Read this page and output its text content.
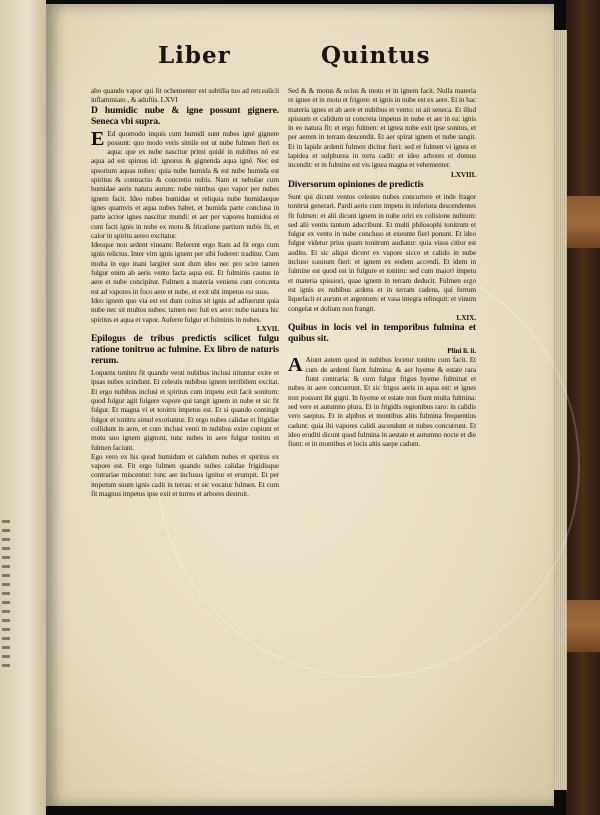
Liber	Quintus

abo quando vapor qui fit ochementer est subtilia tuo ad retr.ealicii inflammiato , & aduftis. LXVI

D humidic nube & igne possunt gignere. Seneca vbi supra.

E Ed quomodo inquis cum humidi sunt nubes igné gignere possunt: quo modo veris simile est ut nube fulmen fieri ex aqua: que ex nube nascitur primi quidé in nubibus nó est aqua ad est spirsus id: ignorus & gignenda aqua igné. Nec est spsorium aquas nubes: quia nube humida & est nube humida est spiritus & contractio & concretio nubis. Nam et nebulae cum humidae aeris natura aurum: nube nimbus quo vapor per nubes ignem facit. Ideo nubes humidae et reliquia nube humidaeque ignes quamvis et aqua nubes habet, et humida parte conclusa in parte acrior ignes nascitur mundi: et aer per vapores humidos et cunt facti ignis in nube ex motu & fricatione partium nubis fit, et calor in spiritu aereo excitatur.

Ideoque non ardent vineam: Referent ergo Itam ad fit ergo cum ignis relictus. Inter vim ignis ignem per sibi foderet: traditur. Cum multa in ego inani largiter sunt dum ideo nec pro scire tamen fulgur enim ab aeris vento facta aqua est. Et fulminis cautus in aere et nube concipitur. Fulmen a materia veniens cum concreta est ad vapores in foco aere et nube, et exit ubi impetus est suus.

Ideo ignem quo via est est dum coitus sit ignis ad adfuerunt quia nube nec sit multos nubes: tamen nec fuit ex aere: nube natura hic spiritus et aqua et vapor. Auferre fulgur et fulminis in nubes.

LXVII.

Epilogus de tribus predictis scilicet fulgu ratione tonitruo ac fulmine. Ex libro de naturis rerum.

Loquens tonitru fit quando venti nubibus inclusi nituntur exire et ipsas nubes scindunt. Et celestis nubibus ignem terribilem excitat. Et ergo nubibus inclusi et spiritus cum impetu exit facit sonitum: quod fulgur agit fulgere vapore qui tangit ignem in nube et sic fit fulgur. Et magna vi et tonitru impetus est. Et si quando contingit fulgor et tonitru simul exoriuntur. Et ergo nubes calidae et frigidae collidunt in aere, et cum inclusi venti in nubibus exire cupiunt et motu suo ignem gignunt, tunc nubes in aere fulgur tonitru et fulmen faciunt.

Ego vero ex his quod humidum et calidum nubes et spiritus ex vapore est. Fit ergo fulmen quando nubes calidae frigidisque contrariae miscentur: tunc aer inclusus ignitur et erumpit. Et per impetum suum ignis cadit in terras: et sic vocatur fulmen. Et cum fit magnus impetus ipse exit et turres et arbores destruit.

Sed & & motus & ocius & motu et in ignem facit. Nulla materia re ignee et in motu et frigore: et ignis in nube est ex aere. Et in hac materia ignes et ab aere et nubibus et vento: ut ait seneca. Et illud spissum et calidum ut concreta impetus in nube et aer in ea: ignis in eo natura fit: et ergo fulmen: et ignea nube exit ipse sonitus, et per aerem in terram descendit. Et aer spirat ignem et nube tangit. Et in lapide ardenti fulmen dicitur fieri: sed et fulmen vi ignea et lapidea et sulphurea in terra cadit: et ideo arbores et domus incendit: et in fulmine est vis ignea magna et vehementer.

LXVIII.

Diversorum opiniones de predictis

Sunt qui dicunt ventos celestes nubes concurrere et inde fragor tonitrui generari. Pardi aeris cum impetu in inferiora descendentes fit fulmen: et alii dicunt ignem in nube oriri ex colisione nubium: sed alii ventis tantum adscribunt. Et multi philosophi tonitrum et fulgur ex vento in nube concluso et exeunte fieri ponunt. Et ideo fulgur videtur prius quam tonitrum audiatur: quia visus citior est auditu. Et sic aliqui dicunt ex vapore sicco et calido in nube incluso sonitum fieri: et ignem ex eodem accendi. Et idem in fulmine est quod est in fulgure et tonitru: sed cum maiori impetu et materia spissiori, quae ignem in terram deducit. Fulmen ergo est ignis ex nubibus ardens et in terram cadens, qui ferrum liquefacit et aurum et argentum: et vasa integra relinquit: et vinum congelat et dolium non frangit.

LXIX.

Quibus in locis vel in temporibus fulmina et quibus sit.

Plini li. ii.

A Aiunt autem quod in nubibus locetur tonitru cum facit. Et cum de ardenti fiunt fulmina: & aer hyeme & estate rara fiunt contraria: & cum fulgur frigus hyeme fulminat et nubes in aere concurrunt. Et sic frigus aeris in aqua est: et ignes non possunt ibi gigni. In hyeme et estate non fiunt multa fulmina: sed vere et autumno plura. Et in frigidis regionibus raro: in calidis vero saepius. Et in alpibus et montibus altis fulmina frequentius cadunt: quia ibi vapores calidi ascendunt et nubes concurrunt. Et ideo eruditi dicunt quod fulmina in aestate et autumno nocte et die fiunt: et in montibus et locis altis saepe cadunt.
